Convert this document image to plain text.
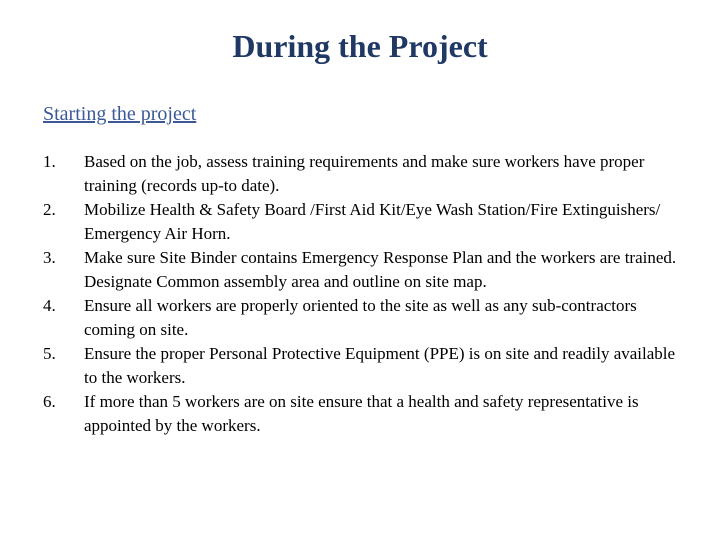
During the Project
Starting the project
1.	Based on the job, assess training requirements and make sure workers have proper training (records up-to date).
2.	Mobilize Health & Safety Board /First Aid Kit/Eye Wash Station/Fire Extinguishers/ Emergency Air Horn.
3.	Make sure Site Binder contains Emergency Response Plan and the workers are trained. Designate Common assembly area and outline on site map.
4.	Ensure all workers are properly oriented to the site as well as any sub-contractors coming on site.
5.	Ensure the proper Personal Protective Equipment (PPE) is on site and readily available to the workers.
6.	If more than 5 workers are on site ensure that a health and safety representative is appointed by the workers.
